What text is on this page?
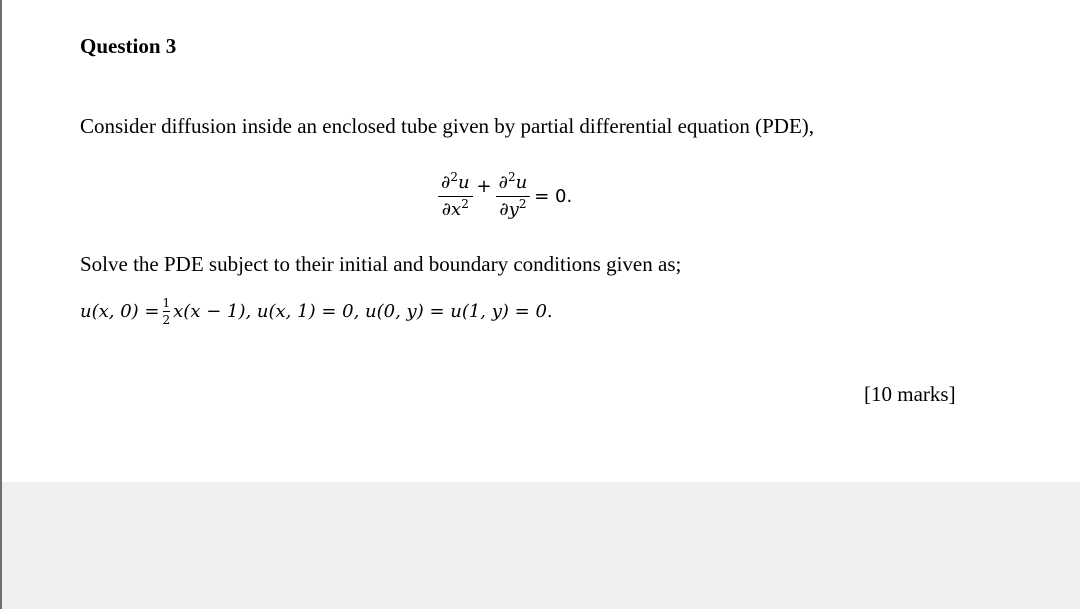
Question 3

Consider diffusion inside an enclosed tube given by partial differential equation (PDE),

$\frac{\partial^2u}{\partial x^2} + \frac{\partial^2u}{\partial y^2} = 0$.

Solve the PDE subject to their initial and boundary conditions given as;

u(x, 0) = 1
2 x(x − 1), u(x, 1) = 0, u(0, y) = u(1, y) = 0.

[10 marks]
